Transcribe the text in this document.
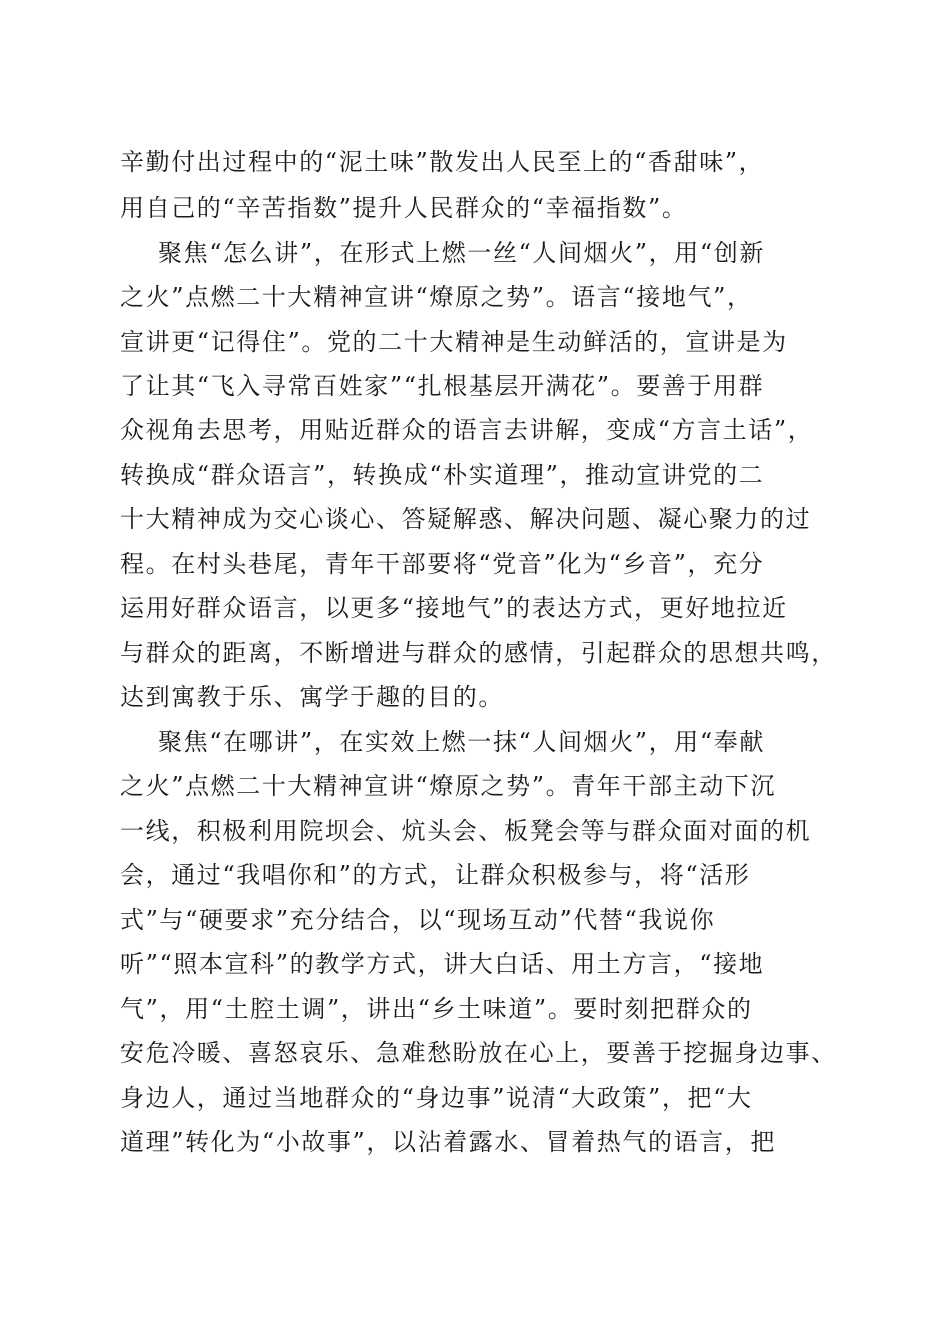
辛勤付出过程中的“泥土味”散发出人民至上的“香甜味”，

用自己的“辛苦指数”提升人民群众的“幸福指数”。

聚焦“怎么讲”，在形式上燃一丝“人间烟火”，用“创新

之火”点燃二十大精神宣讲“燎原之势”。语言“接地气”，

宣讲更“记得住”。党的二十大精神是生动鲜活的，宣讲是为

了让其“飞入寻常百姓家”“扎根基层开满花”。要善于用群

众视角去思考，用贴近群众的语言去讲解，变成“方言土话”，

转换成“群众语言”，转换成“朴实道理”，推动宣讲党的二

十大精神成为交心谈心、答疑解惑、解决问题、凝心聚力的过

程。在村头巷尾，青年干部要将“党音”化为“乡音”，充分

运用好群众语言，以更多“接地气”的表达方式，更好地拉近

与群众的距离，不断增进与群众的感情，引起群众的思想共鸣，

达到寓教于乐、寓学于趣的目的。

聚焦“在哪讲”，在实效上燃一抹“人间烟火”，用“奉献

之火”点燃二十大精神宣讲“燎原之势”。青年干部主动下沉

一线，积极利用院坝会、炕头会、板凳会等与群众面对面的机

会，通过“我唱你和”的方式，让群众积极参与，将“活形

式”与“硬要求”充分结合，以“现场互动”代替“我说你

听”“照本宣科”的教学方式，讲大白话、用土方言，“接地

气”，用“土腔土调”，讲出“乡土味道”。要时刻把群众的

安危冷暖、喜怒哀乐、急难愁盼放在心上，要善于挖掘身边事、

身边人，通过当地群众的“身边事”说清“大政策”，把“大

道理”转化为“小故事”，以沾着露水、冒着热气的语言，把
